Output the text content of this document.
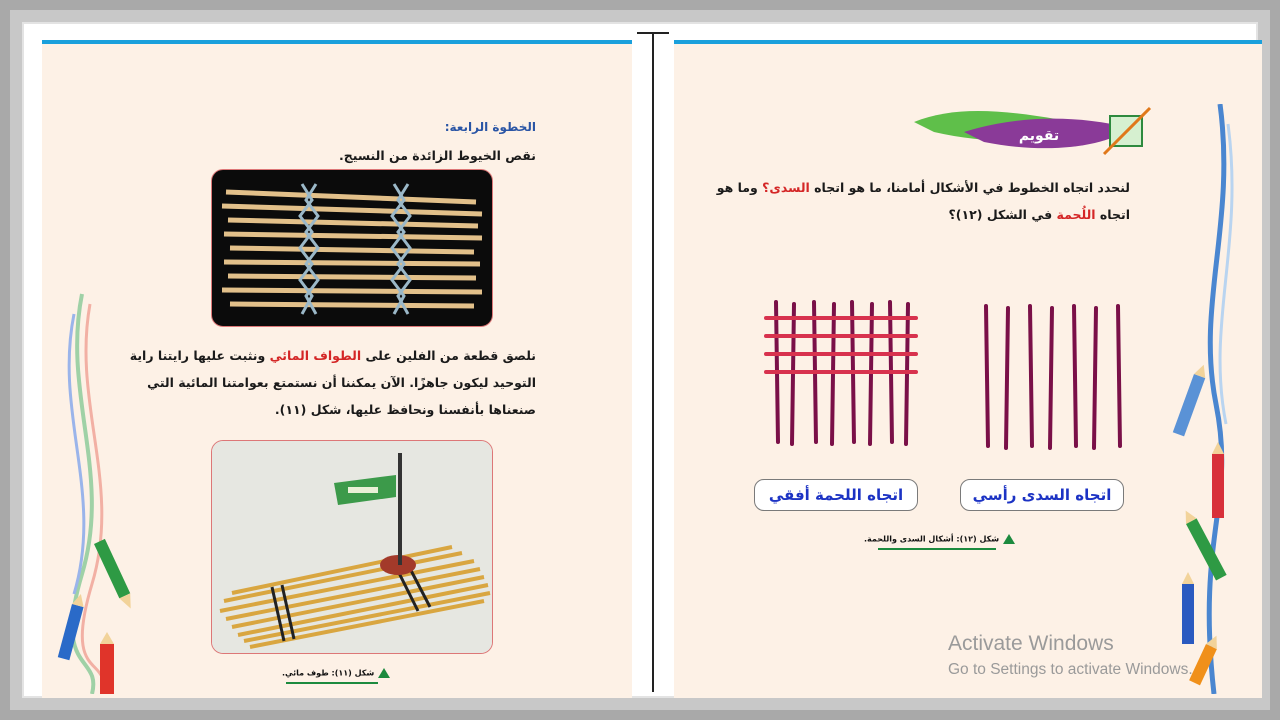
الخطوة الرابعة:
نقص الخيوط الزائدة من النسيج.
نلصق قطعة من الفلين على الطواف المائي ونثبت عليها رايتنا راية التوحيد ليكون جاهزًا. الآن يمكننا أن نستمتع بعوامتنا المائية التي صنعناها بأنفسنا ونحافظ عليها، شكل (١١).
شكل (١١): طوف مائي.
تقويم
لنحدد اتجاه الخطوط في الأشكال أمامنا، ما هو اتجاه السدى؟ وما هو اتجاه اللُحمة في الشكل (١٢)؟
اتجاه اللحمة أفقي	اتجاه السدى رأسي
شكل (١٢): أشكال السدى واللحمة.
Activate Windows
Go to Settings to activate Windows.
